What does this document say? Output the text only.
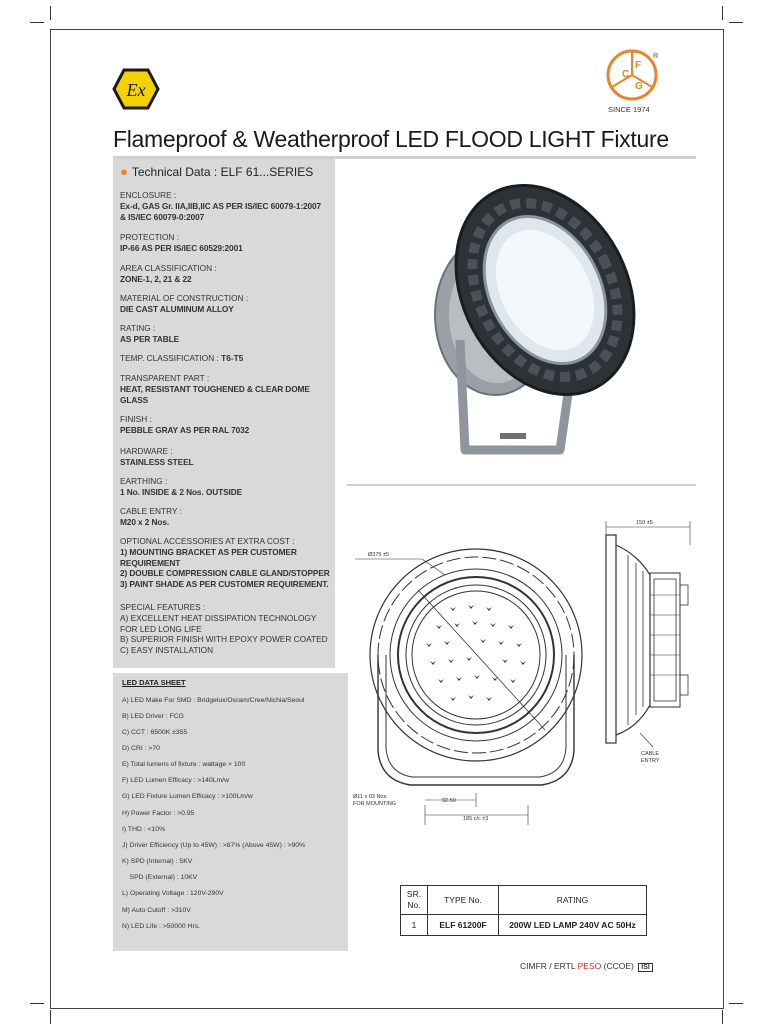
Ex
C
F
G
®
SINCE 1974
Flameproof & Weatherproof LED FLOOD LIGHT Fixture
● Technical Data : ELF 61...SERIES
ENCLOSURE :
Ex-d, GAS Gr. IIA,IIB,IIC AS PER IS/IEC 60079-1:2007
& IS/IEC 60079-0:2007
PROTECTION :
IP-66 AS PER IS/IEC 60529:2001
AREA CLASSIFICATION :
ZONE-1, 2, 21 & 22
MATERIAL OF CONSTRUCTION :
DIE CAST ALUMINUM ALLOY
RATING :
AS PER TABLE
TEMP. CLASSIFICATION : T6-T5
TRANSPARENT PART :
HEAT, RESISTANT TOUGHENED & CLEAR DOME
GLASS
FINISH :
PEBBLE GRAY AS PER RAL 7032
HARDWARE :
STAINLESS STEEL
EARTHING :
1 No. INSIDE & 2 Nos. OUTSIDE
CABLE ENTRY :
M20 x 2 Nos.
OPTIONAL ACCESSORIES AT EXTRA COST :
1) MOUNTING BRACKET AS PER CUSTOMER
REQUIREMENT
2) DOUBLE COMPRESSION CABLE GLAND/STOPPER
3) PAINT SHADE AS PER CUSTOMER REQUIREMENT.
SPECIAL FEATURES :
A) EXCELLENT HEAT DISSIPATION TECHNOLOGY
FOR LED LONG LIFE
B) SUPERIOR FINISH WITH EPOXY POWER COATED
C) EASY INSTALLATION
LED DATA SHEET
A) LED Make For SMD : Bridgelux/Osram/Cree/Nichia/Seoul
B) LED Driver : FCG
C) CCT : 6500K ±355
D) CRI : >70
E) Total lumens of fixture : wattage × 100
F) LED Lumen Efficacy : >140Lm/w
G) LED Fixture Lumen Efficacy : >100Lm/w
H) Power Factor : >0.95
I) THD : <10%
J) Driver Efficiency (Up to 45W) : >87% (Above 45W) : >90%
K) SPD (Internal) : 5KV
SPD (External) : 10KV
L) Operating Voltage : 120V-290V
M) Auto Cutoff : >310V
N) LED Life : >50000 Hrs.
Ø375 ±5
Ø11 x 03 Nos.
FOR MOUNTING	92.50
185 c/c ±3
150 ±5
CABLE
ENTRY
SR.
No.	TYPE No.	RATING
1	ELF 61200F	200W LED LAMP 240V AC 50Hz
CIMFR / ERTL PESO (CCOE) ISI
